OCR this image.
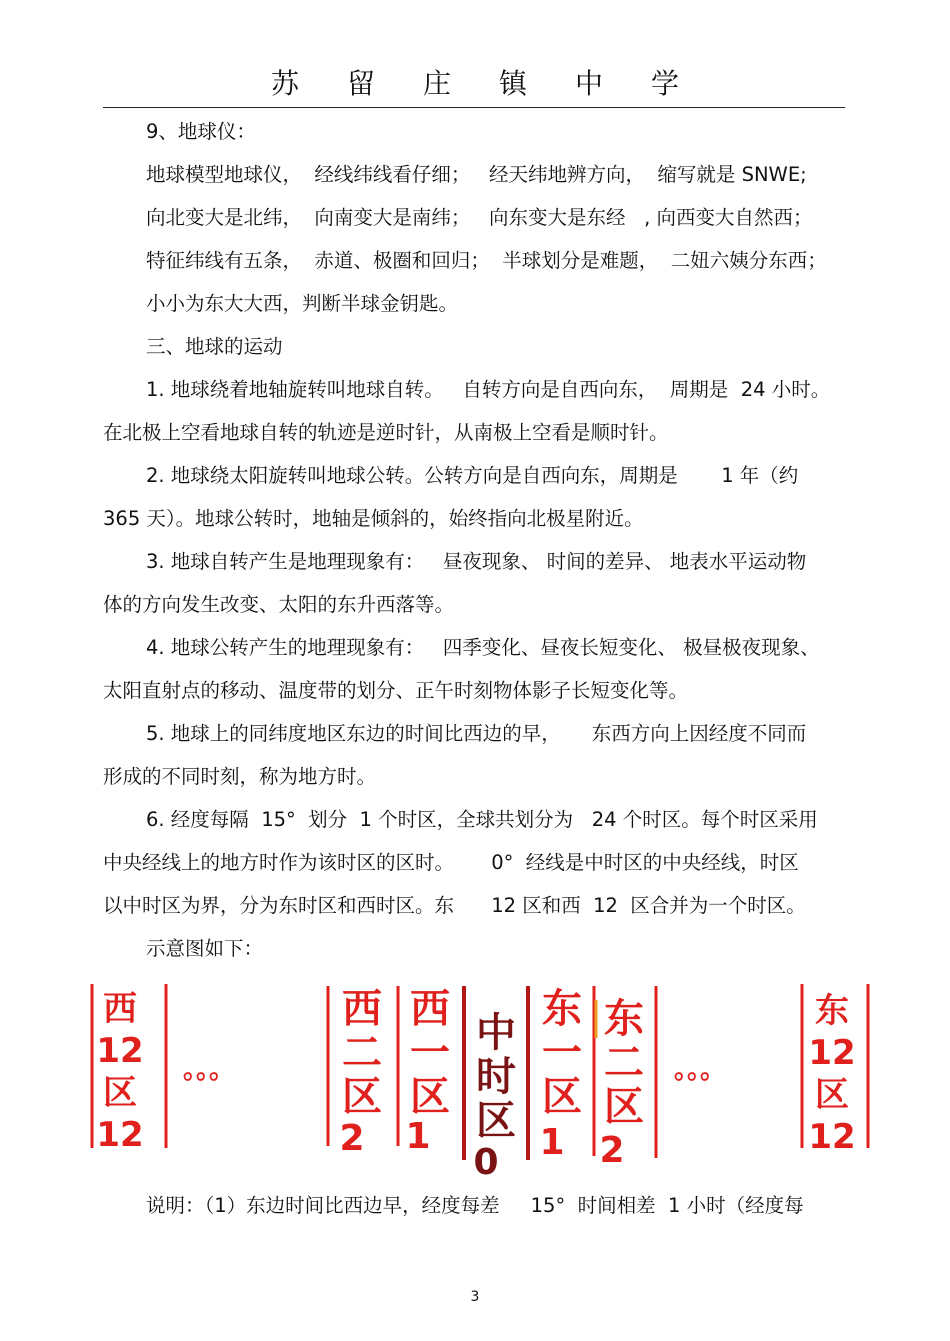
苏留庄镇中学
9、地球仪：
地球模型地球仪，  经线纬线看仔细；   经天纬地辨方向，  缩写就是 SNWE;
向北变大是北纬，  向南变大是南纬；   向东变大是东经   , 向西变大自然西；
特征纬线有五条，  赤道、极圈和回归；  半球划分是难题，  二妞六姨分东西；
小小为东大大西，判断半球金钥匙。
三、地球的运动
1. 地球绕着地轴旋转叫地球自转。   自转方向是自西向东，  周期是  24 小时。
在北极上空看地球自转的轨迹是逆时针，从南极上空看是顺时针。
2. 地球绕太阳旋转叫地球公转。公转方向是自西向东，周期是       1 年（约
365 天）。地球公转时，地轴是倾斜的，始终指向北极星附近。
3. 地球自转产生是地理现象有：   昼夜现象、 时间的差异、 地表水平运动物
体的方向发生改变、太阳的东升西落等。
4. 地球公转产生的地理现象有：   四季变化、昼夜长短变化、 极昼极夜现象、
太阳直射点的移动、温度带的划分、正午时刻物体影子长短变化等。
5. 地球上的同纬度地区东边的时间比西边的早，     东西方向上因经度不同而
形成的不同时刻，称为地方时。
6. 经度每隔  15°  划分  1 个时区，全球共划分为   24 个时区。每个时区采用
中央经线上的地方时作为该时区的区时。      0°  经线是中时区的中央经线，时区
以中时区为界，分为东时区和西时区。东      12 区和西  12  区合并为一个时区。
示意图如下：
说明：（1）东边时间比西边早，经度每差     15°  时间相差  1 小时（经度每
西
12
区
12
。。。
西
二
区
2
西
一
区
1
中
时
区
0
东
一
区
1
东
二
区
2
。。。
东
12
区
12
3
